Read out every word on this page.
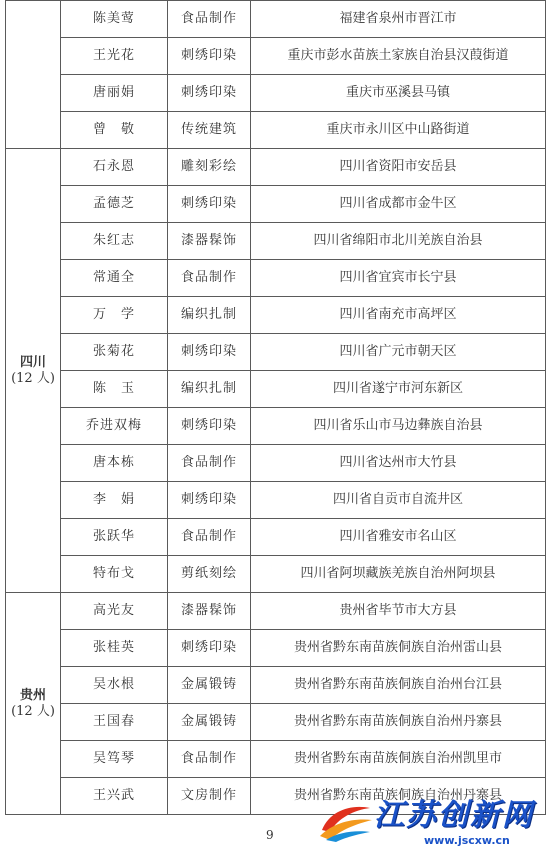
	陈美莺	食品制作	福建省泉州市晋江市
	王光花	刺绣印染	重庆市彭水苗族土家族自治县汉葭街道
	唐丽娟	刺绣印染	重庆市巫溪县马镇
	曾　敬	传统建筑	重庆市永川区中山路街道
四川
(12 人)	石永恩	雕刻彩绘	四川省资阳市安岳县
	孟德芝	刺绣印染	四川省成都市金牛区
	朱红志	漆器髹饰	四川省绵阳市北川羌族自治县
	常通全	食品制作	四川省宜宾市长宁县
	万　学	编织扎制	四川省南充市高坪区
	张菊花	刺绣印染	四川省广元市朝天区
	陈　玉	编织扎制	四川省遂宁市河东新区
	乔进双梅	刺绣印染	四川省乐山市马边彝族自治县
	唐本栋	食品制作	四川省达州市大竹县
	李　娟	刺绣印染	四川省自贡市自流井区
	张跃华	食品制作	四川省雅安市名山区
	特布戈	剪纸刻绘	四川省阿坝藏族羌族自治州阿坝县
贵州
(12 人)	高光友	漆器髹饰	贵州省毕节市大方县
	张桂英	刺绣印染	贵州省黔东南苗族侗族自治州雷山县
	吴水根	金属锻铸	贵州省黔东南苗族侗族自治州台江县
	王国春	金属锻铸	贵州省黔东南苗族侗族自治州丹寨县
	吴笃琴	食品制作	贵州省黔东南苗族侗族自治州凯里市
	王兴武	文房制作	贵州省黔东南苗族侗族自治州丹寨县
9
江苏创新网
www.jscxw.cn
